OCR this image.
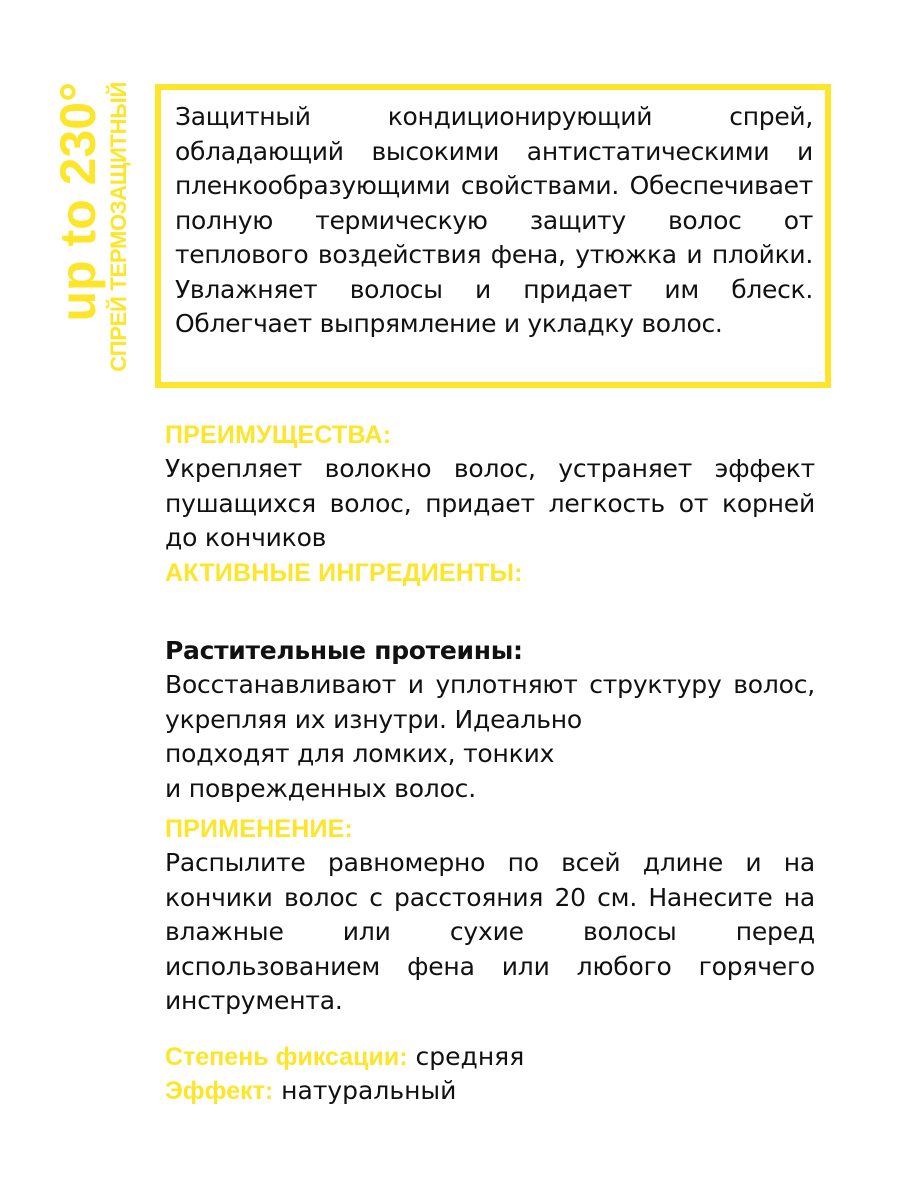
up to 230° СПРЕЙ ТЕРМОЗАЩИТНЫЙ	Защитный кондиционирующий спрей, обладающий высокими антистатическими и пленкообразующими свойствами. Обеспечивает полную термическую защиту волос от теплового воздействия фена, утюжка и плойки. Увлажняет волосы и придает им блеск. Облегчает выпрямление и укладку волос.
ПРЕИМУЩЕСТВА:
Укрепляет волокно волос, устраняет эффект пушащихся волос, придает легкость от корней до кончиков
АКТИВНЫЕ ИНГРЕДИЕНТЫ:
Растительные протеины:
Восстанавливают и уплотняют структуру волос, укрепляя их изнутри. Идеально
подходят для ломких, тонких
и поврежденных волос.
ПРИМЕНЕНИЕ:
Распылите равномерно по всей длине и на кончики волос с расстояния 20 см. Нанесите на влажные или сухие волосы перед использованием фена или любого горячего инструмента.
Степень фиксации: средняя
Эффект: натуральный
